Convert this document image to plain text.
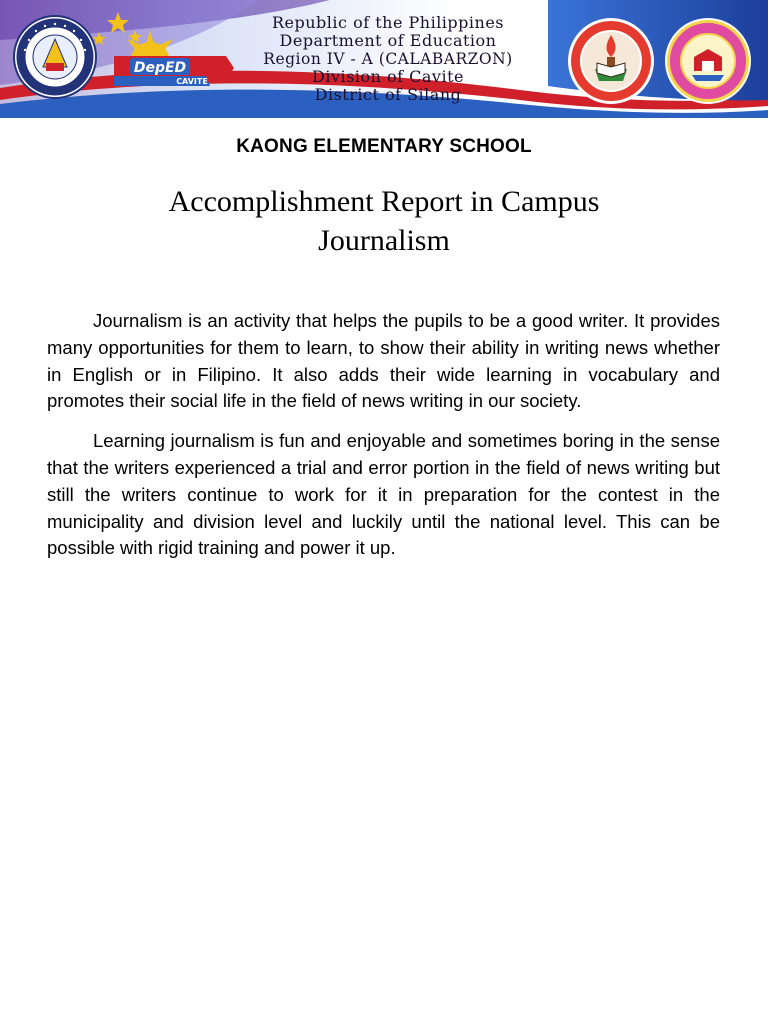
DepED
CAVITE
Republic of the Philippines
Department of Education
Region IV - A (CALABARZON)
Division of Cavite
District of Silang
KAONG ELEMENTARY SCHOOL
Accomplishment Report in Campus Journalism

Journalism is an activity that helps the pupils to be a good writer. It provides many opportunities for them to learn, to show their ability in writing news whether in English or in Filipino. It also adds their wide learning in vocabulary and promotes their social life in the field of news writing in our society.

Learning journalism is fun and enjoyable and sometimes boring in the sense that the writers experienced a trial and error portion in the field of news writing but still the writers continue to work for it in preparation for the contest in the municipality and division level and luckily until the national level. This can be possible with rigid training and power it up.
